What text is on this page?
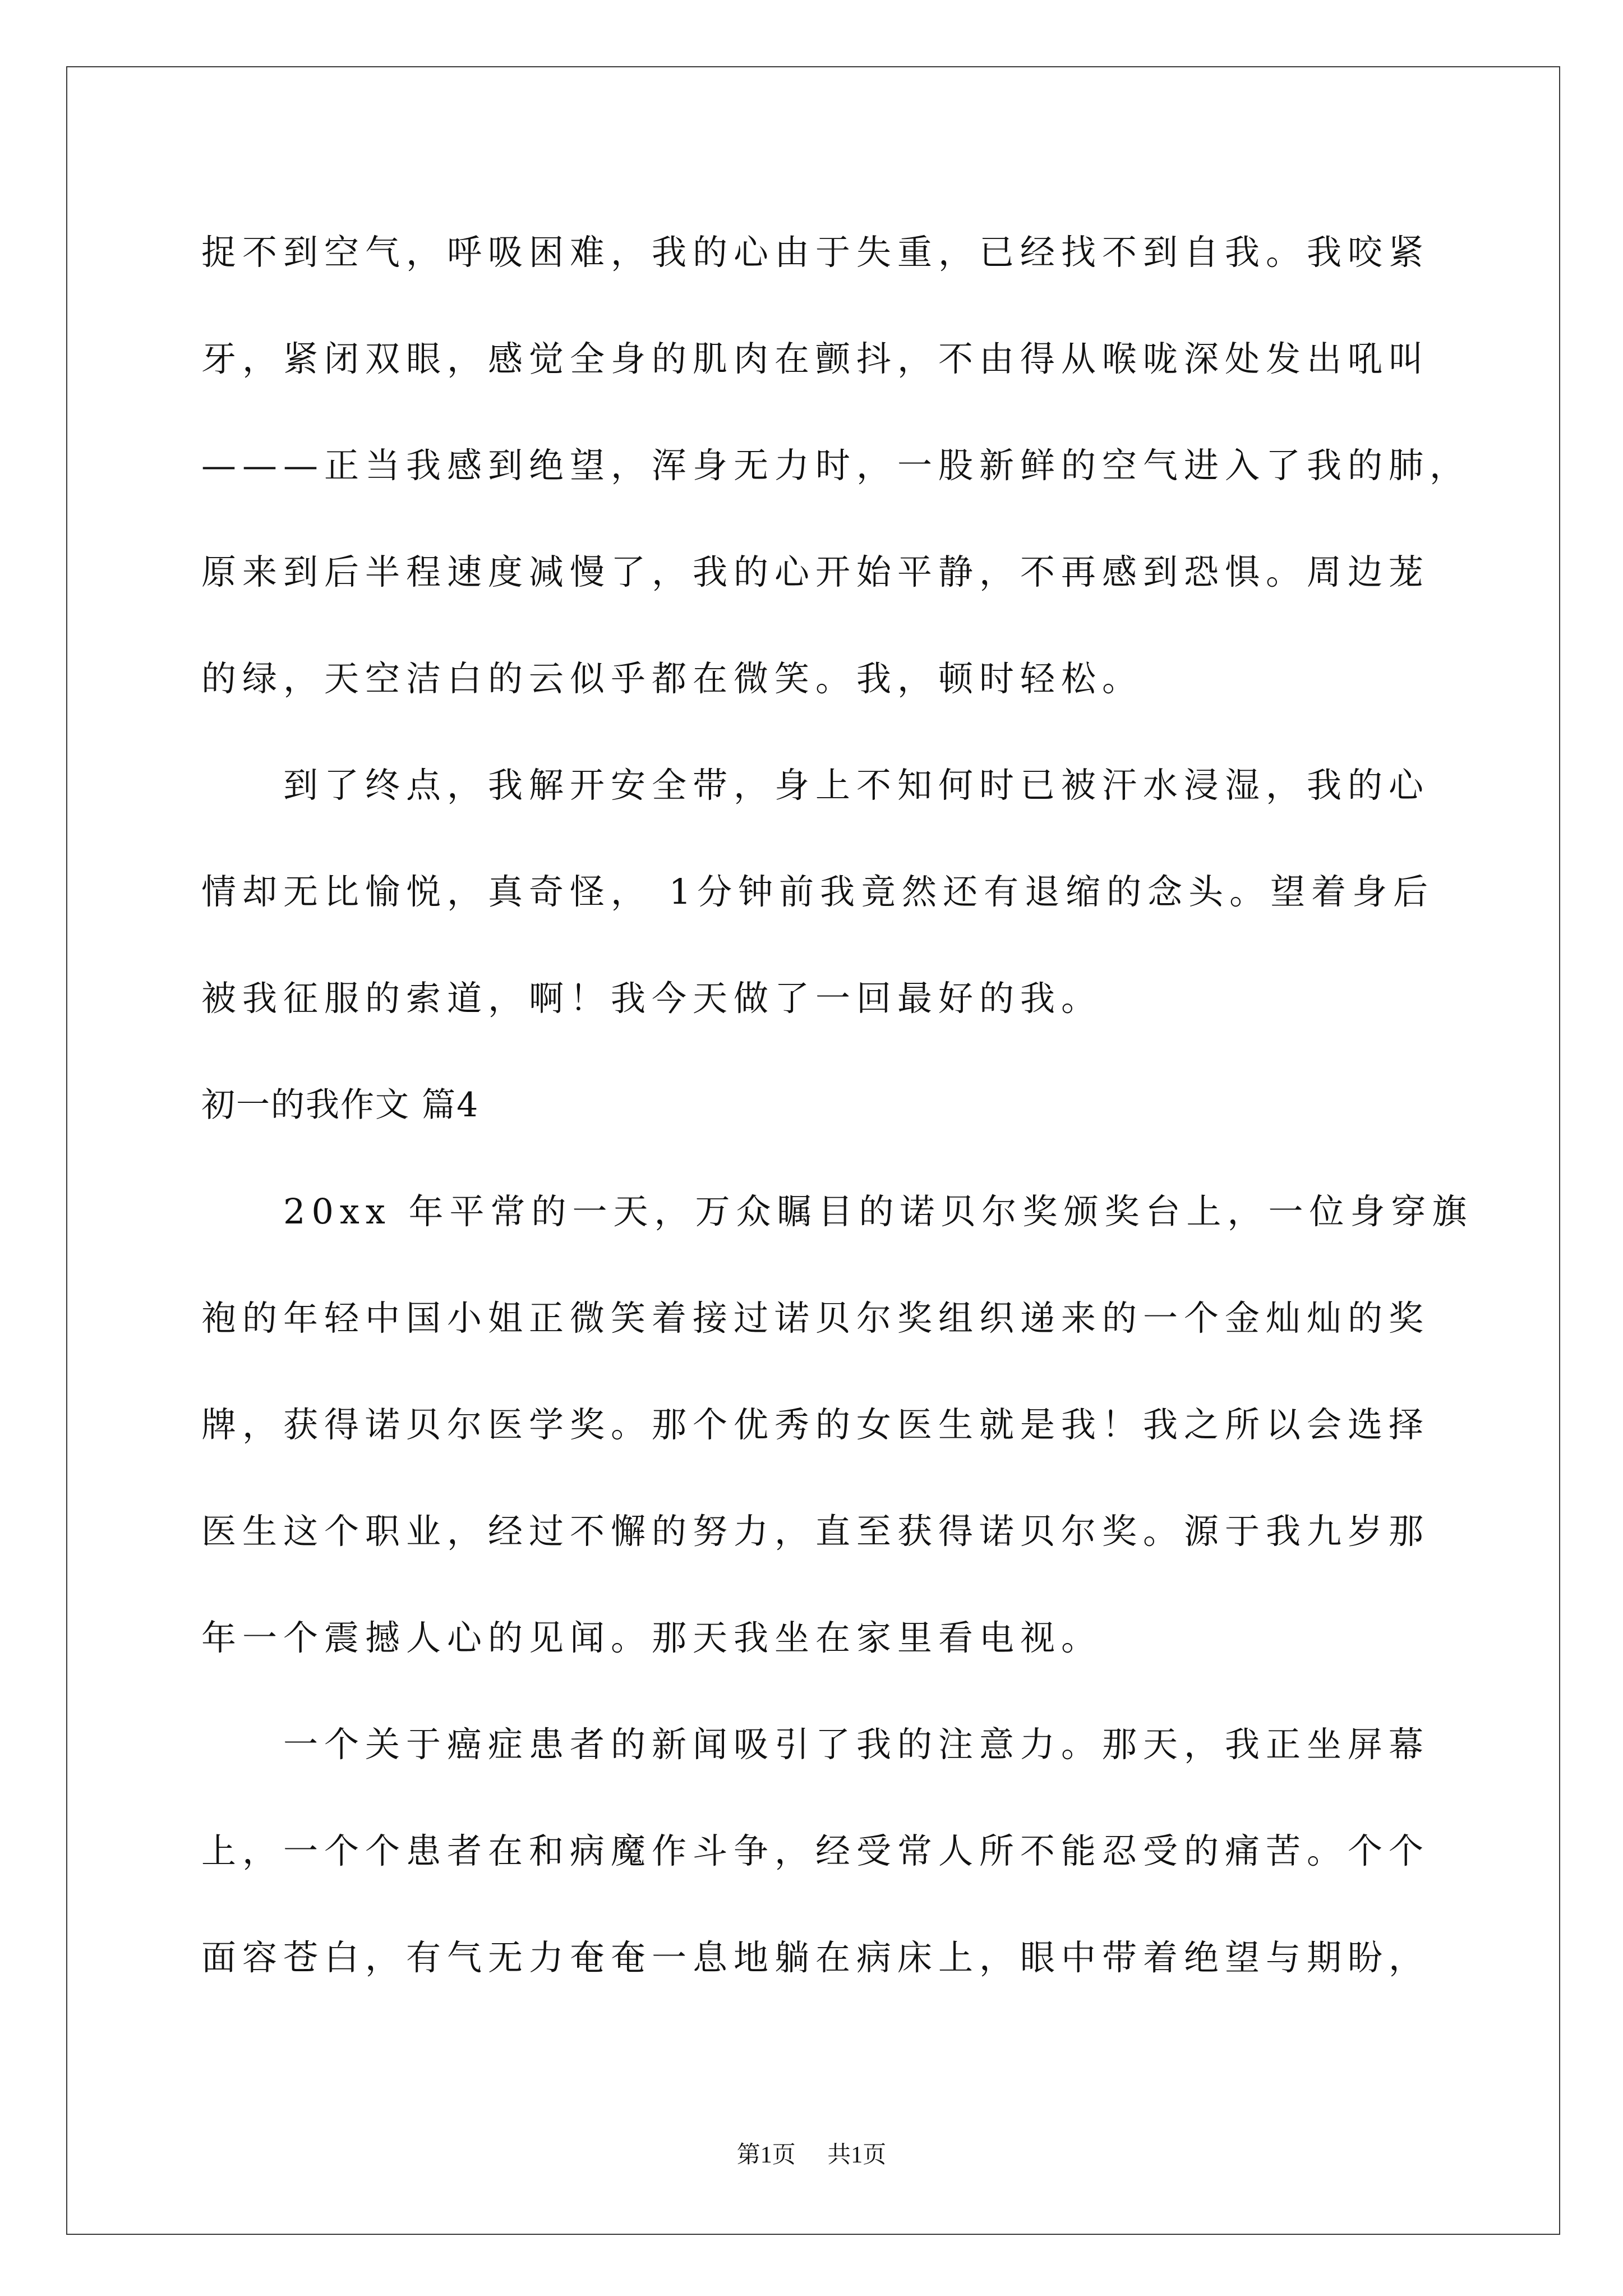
捉不到空气，呼吸困难，我的心由于失重，已经找不到自我。我咬紧
牙，紧闭双眼，感觉全身的肌肉在颤抖，不由得从喉咙深处发出吼叫
———正当我感到绝望，浑身无力时，一股新鲜的空气进入了我的肺，
原来到后半程速度减慢了，我的心开始平静，不再感到恐惧。周边茏
的绿，天空洁白的云似乎都在微笑。我，顿时轻松。
到了终点，我解开安全带，身上不知何时已被汗水浸湿，我的心
情却无比愉悦，真奇怪， 1分钟前我竟然还有退缩的念头。望着身后
被我征服的索道，啊！我今天做了一回最好的我。
初一的我作文 篇4
20xx 年平常的一天，万众瞩目的诺贝尔奖颁奖台上，一位身穿旗
袍的年轻中国小姐正微笑着接过诺贝尔奖组织递来的一个金灿灿的奖
牌，获得诺贝尔医学奖。那个优秀的女医生就是我！我之所以会选择
医生这个职业，经过不懈的努力，直至获得诺贝尔奖。源于我九岁那
年一个震撼人心的见闻。那天我坐在家里看电视。
一个关于癌症患者的新闻吸引了我的注意力。那天，我正坐屏幕
上，一个个患者在和病魔作斗争，经受常人所不能忍受的痛苦。个个
面容苍白，有气无力奄奄一息地躺在病床上，眼中带着绝望与期盼，
第1页 共1页
